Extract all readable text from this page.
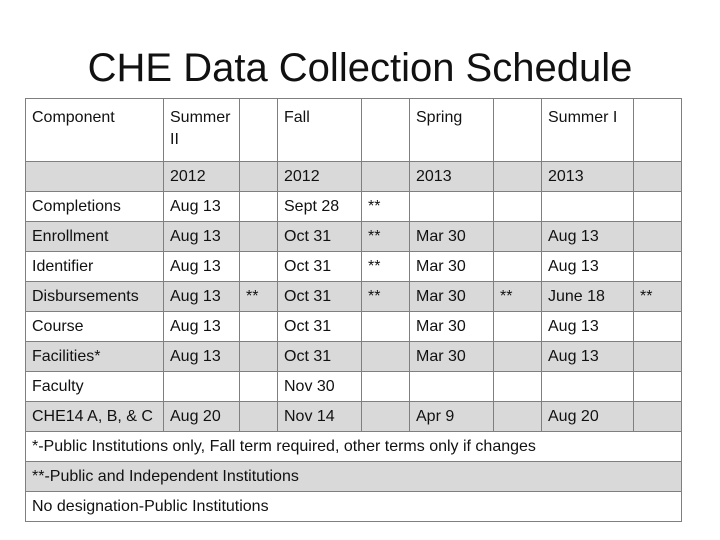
CHE Data Collection Schedule
Component	Summer II		Fall		Spring		Summer I	
	2012		2012		2013		2013	
Completions	Aug 13		Sept 28	**				
Enrollment	Aug 13		Oct 31	**	Mar 30		Aug 13	
Identifier	Aug 13		Oct 31	**	Mar 30		Aug 13	
Disbursements	Aug 13	**	Oct 31	**	Mar 30	**	June 18	**
Course	Aug 13		Oct 31		Mar 30		Aug 13	
Facilities*	Aug 13		Oct 31		Mar 30		Aug 13	
Faculty			Nov 30					
CHE14 A, B, & C	Aug 20		Nov 14		Apr 9		Aug 20	
*-Public Institutions only, Fall term required, other terms only if changes								
**-Public and Independent Institutions								
No designation-Public Institutions								
